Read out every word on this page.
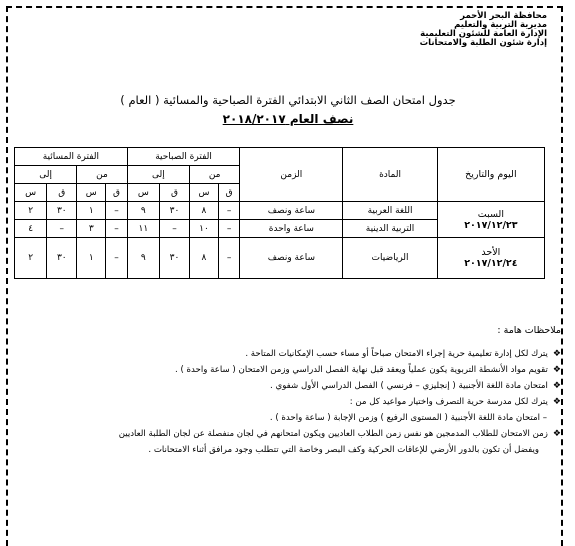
محافظة البحر الأحمر
مديرية التربية والتعليم
الإدارة العامة للشئون التعليمية
إدارة شئون الطلبة والامتحانات
جدول امتحان الصف الثاني الابتدائي الفترة الصباحية والمسائية ( العام )
نصف العام ٢٠١٨/٢٠١٧
اليوم والتاريخ	المادة	الزمن	الفترة الصباحية				الفترة المسائية			
			من		إلى		من		إلى	
			ق	س	ق	س	ق	س	ق	س

السبت
٢٠١٧/١٢/٢٣	اللغة العربية	ساعة ونصف	–	٨	٣٠	٩	–	١	٣٠	٢
	التربية الدينية	ساعة واحدة	–	١٠	–	١١	–	٣	–	٤

الأحد
٢٠١٧/١٢/٢٤	الرياضيات	ساعة ونصف	–	٨	٣٠	٩	–	١	٣٠	٢
ملاحظات هامة :
❖يترك لكل إدارة تعليمية حرية إجراء الامتحان صباحاً أو مساء حسب الإمكانيات المتاحة .
❖تقويم مواد الأنشطة التربوية يكون عملياً ويعقد قبل نهاية الفصل الدراسي وزمن الامتحان ( ساعة واحدة ) .
❖امتحان مادة اللغة الأجنبية ( إنجليزي – فرنسي ) الفصل الدراسي الأول شفوي .
❖يترك لكل مدرسة حرية التصرف واختيار مواعيد كل من :
– امتحان مادة اللغة الأجنبية ( المستوى الرفيع ) وزمن الإجابة ( ساعة واحدة ) .
❖زمن الامتحان للطلاب المدمجين هو نفس زمن الطلاب العاديين ويكون امتحانهم في لجان منفصلة عن لجان الطلبة العاديين
ويفضل أن تكون بالدور الأرضي للإعاقات الحركية وكف البصر وخاصة التي تتطلب وجود مرافق أثناء الامتحانات .
